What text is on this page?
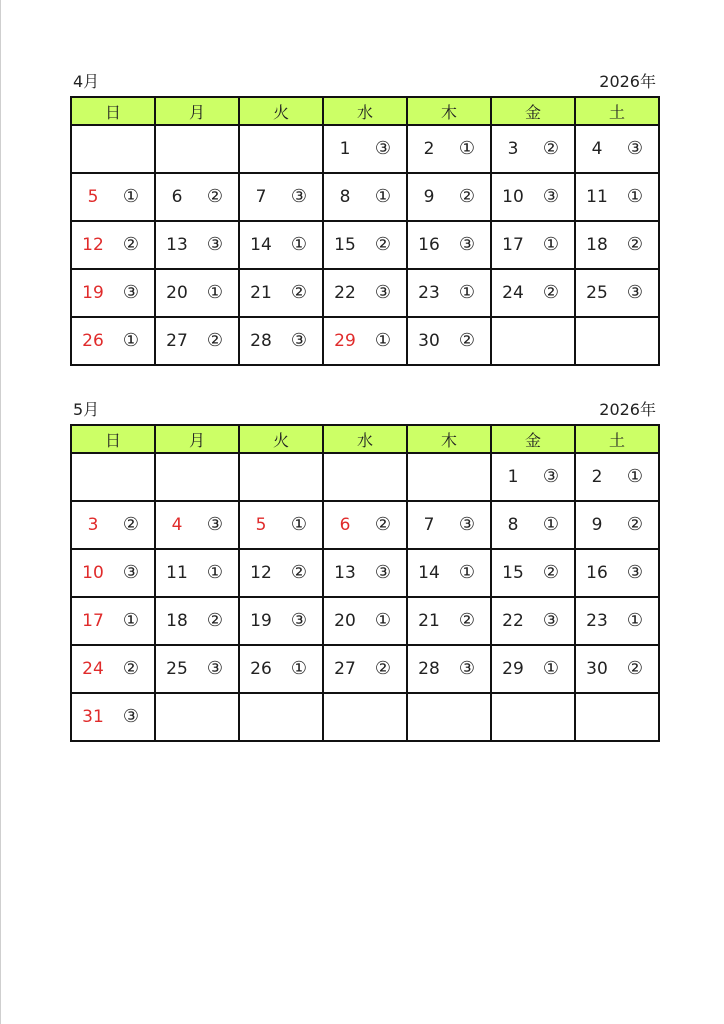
4月	2026年
日	月	火	水	木	金	土

			1 ③	2 ①	3 ②	4 ③

5 ①	6 ②	7 ③	8 ①	9 ②	10 ③	11 ①

12 ②	13 ③	14 ①	15 ②	16 ③	17 ①	18 ②

19 ③	20 ①	21 ②	22 ③	23 ①	24 ②	25 ③

26 ①	27 ②	28 ③	29 ①	30 ②		

5月	2026年
日	月	火	水	木	金	土

					1 ③	2 ①

3 ②	4 ③	5 ①	6 ②	7 ③	8 ①	9 ②

10 ③	11 ①	12 ②	13 ③	14 ①	15 ②	16 ③

17 ①	18 ②	19 ③	20 ①	21 ②	22 ③	23 ①

24 ②	25 ③	26 ①	27 ②	28 ③	29 ①	30 ②

31 ③						
